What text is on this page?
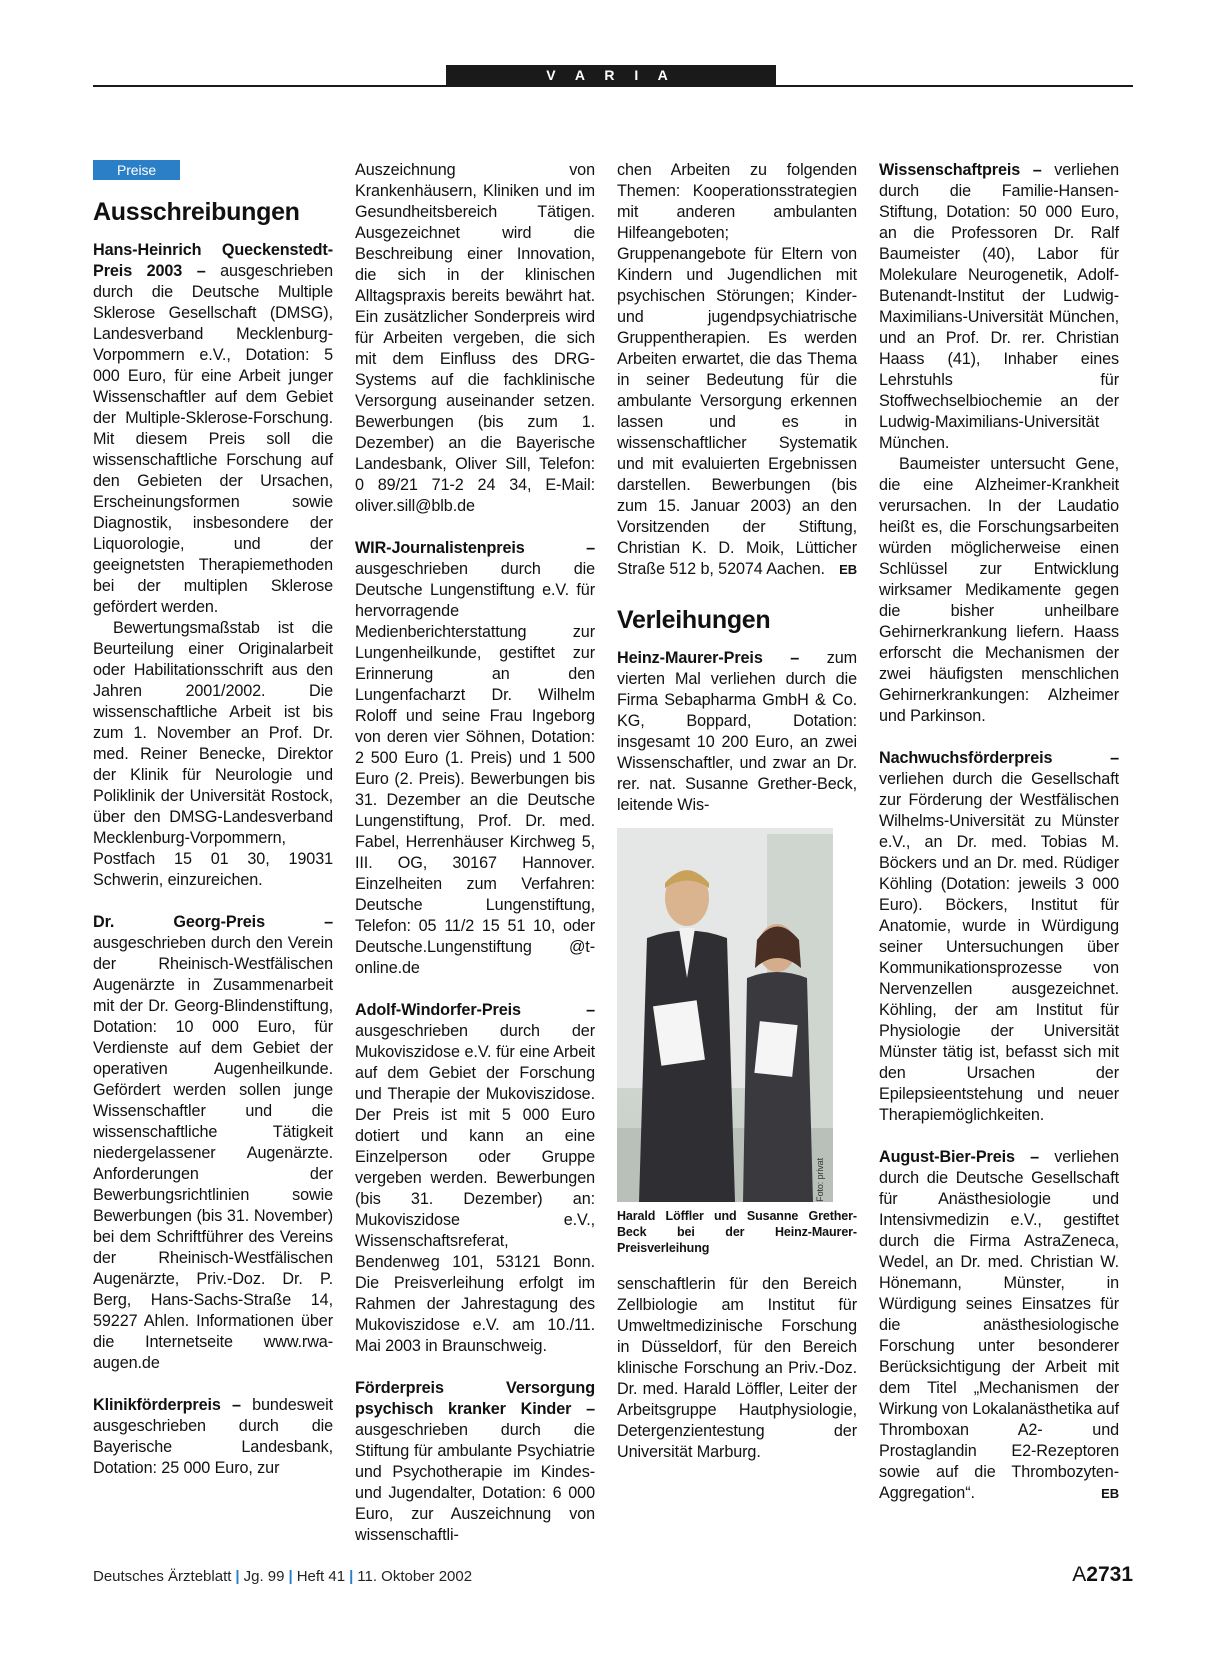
V A R I A
Preise
Ausschreibungen

Hans-Heinrich Queckenstedt-Preis 2003 – ausgeschrieben durch die Deutsche Multiple Sklerose Gesellschaft (DMSG), Landesverband Mecklenburg-Vorpommern e.V., Dotation: 5 000 Euro, für eine Arbeit junger Wissenschaftler auf dem Gebiet der Multiple-Sklerose-Forschung. Mit diesem Preis soll die wissenschaftliche Forschung auf den Gebieten der Ursachen, Erscheinungsformen sowie Diagnostik, insbesondere der Liquorologie, und der geeignetsten Therapiemethoden bei der multiplen Sklerose gefördert werden.

Bewertungsmaßstab ist die Beurteilung einer Originalarbeit oder Habilitationsschrift aus den Jahren 2001/2002. Die wissenschaftliche Arbeit ist bis zum 1. November an Prof. Dr. med. Reiner Benecke, Direktor der Klinik für Neurologie und Poliklinik der Universität Rostock, über den DMSG-Landesverband Mecklenburg-Vorpommern, Postfach 15 01 30, 19031 Schwerin, einzureichen.

Dr. Georg-Preis – ausgeschrieben durch den Verein der Rheinisch-Westfälischen Augenärzte in Zusammenarbeit mit der Dr. Georg-Blindenstiftung, Dotation: 10 000 Euro, für Verdienste auf dem Gebiet der operativen Augenheilkunde. Gefördert werden sollen junge Wissenschaftler und die wissenschaftliche Tätigkeit niedergelassener Augenärzte. Anforderungen der Bewerbungsrichtlinien sowie Bewerbungen (bis 31. November) bei dem Schriftführer des Vereins der Rheinisch-Westfälischen Augenärzte, Priv.-Doz. Dr. P. Berg, Hans-Sachs-Straße 14, 59227 Ahlen. Informationen über die Internetseite www.rwa-augen.de

Klinikförderpreis – bundesweit ausgeschrieben durch die Bayerische Landesbank, Dotation: 25 000 Euro, zur

Auszeichnung von Krankenhäusern, Kliniken und im Gesundheitsbereich Tätigen. Ausgezeichnet wird die Beschreibung einer Innovation, die sich in der klinischen Alltagspraxis bereits bewährt hat. Ein zusätzlicher Sonderpreis wird für Arbeiten vergeben, die sich mit dem Einfluss des DRG-Systems auf die fachklinische Versorgung auseinander setzen. Bewerbungen (bis zum 1. Dezember) an die Bayerische Landesbank, Oliver Sill, Telefon: 0 89/21 71-2 24 34, E-Mail: oliver.sill@blb.de

WIR-Journalistenpreis – ausgeschrieben durch die Deutsche Lungenstiftung e.V. für hervorragende Medienberichterstattung zur Lungenheilkunde, gestiftet zur Erinnerung an den Lungenfacharzt Dr. Wilhelm Roloff und seine Frau Ingeborg von deren vier Söhnen, Dotation: 2 500 Euro (1. Preis) und 1 500 Euro (2. Preis). Bewerbungen bis 31. Dezember an die Deutsche Lungenstiftung, Prof. Dr. med. Fabel, Herrenhäuser Kirchweg 5, III. OG, 30167 Hannover. Einzelheiten zum Verfahren: Deutsche Lungenstiftung, Telefon: 05 11/2 15 51 10, oder Deutsche.Lungenstiftung @t-online.de

Adolf-Windorfer-Preis – ausgeschrieben durch der Mukoviszidose e.V. für eine Arbeit auf dem Gebiet der Forschung und Therapie der Mukoviszidose. Der Preis ist mit 5 000 Euro dotiert und kann an eine Einzelperson oder Gruppe vergeben werden. Bewerbungen (bis 31. Dezember) an: Mukoviszidose e.V., Wissenschaftsreferat, Bendenweg 101, 53121 Bonn. Die Preisverleihung erfolgt im Rahmen der Jahrestagung des Mukoviszidose e.V. am 10./11. Mai 2003 in Braunschweig.

Förderpreis Versorgung psychisch kranker Kinder – ausgeschrieben durch die Stiftung für ambulante Psychiatrie und Psychotherapie im Kindes- und Jugendalter, Dotation: 6 000 Euro, zur Auszeichnung von wissenschaftli-

chen Arbeiten zu folgenden Themen: Kooperationsstrategien mit anderen ambulanten Hilfeangeboten; Gruppenangebote für Eltern von Kindern und Jugendlichen mit psychischen Störungen; Kinder- und jugendpsychiatrische Gruppentherapien. Es werden Arbeiten erwartet, die das Thema in seiner Bedeutung für die ambulante Versorgung erkennen lassen und es in wissenschaftlicher Systematik und mit evaluierten Ergebnissen darstellen. Bewerbungen (bis zum 15. Januar 2003) an den Vorsitzenden der Stiftung, Christian K. D. Moik, Lütticher Straße 512 b, 52074 Aachen. EB

Verleihungen

Heinz-Maurer-Preis – zum vierten Mal verliehen durch die Firma Sebapharma GmbH & Co. KG, Boppard, Dotation: insgesamt 10 200 Euro, an zwei Wissenschaftler, und zwar an Dr. rer. nat. Susanne Grether-Beck, leitende Wis-

Foto: privat
Harald Löffler und Susanne Grether-Beck bei der Heinz-Maurer-Preisverleihung

senschaftlerin für den Bereich Zellbiologie am Institut für Umweltmedizinische Forschung in Düsseldorf, für den Bereich klinische Forschung an Priv.-Doz. Dr. med. Harald Löffler, Leiter der Arbeitsgruppe Hautphysiologie, Detergenzientestung der Universität Marburg.

Wissenschaftpreis – verliehen durch die Familie-Hansen-Stiftung, Dotation: 50 000 Euro, an die Professoren Dr. Ralf Baumeister (40), Labor für Molekulare Neurogenetik, Adolf-Butenandt-Institut der Ludwig-Maximilians-Universität München, und an Prof. Dr. rer. Christian Haass (41), Inhaber eines Lehrstuhls für Stoffwechselbiochemie an der Ludwig-Maximilians-Universität München.

Baumeister untersucht Gene, die eine Alzheimer-Krankheit verursachen. In der Laudatio heißt es, die Forschungsarbeiten würden möglicherweise einen Schlüssel zur Entwicklung wirksamer Medikamente gegen die bisher unheilbare Gehirnerkrankung liefern. Haass erforscht die Mechanismen der zwei häufigsten menschlichen Gehirnerkrankungen: Alzheimer und Parkinson.

Nachwuchsförderpreis – verliehen durch die Gesellschaft zur Förderung der Westfälischen Wilhelms-Universität zu Münster e.V., an Dr. med. Tobias M. Böckers und an Dr. med. Rüdiger Köhling (Dotation: jeweils 3 000 Euro). Böckers, Institut für Anatomie, wurde in Würdigung seiner Untersuchungen über Kommunikationsprozesse von Nervenzellen ausgezeichnet. Köhling, der am Institut für Physiologie der Universität Münster tätig ist, befasst sich mit den Ursachen der Epilepsieentstehung und neuer Therapiemöglichkeiten.

August-Bier-Preis – verliehen durch die Deutsche Gesellschaft für Anästhesiologie und Intensivmedizin e.V., gestiftet durch die Firma AstraZeneca, Wedel, an Dr. med. Christian W. Hönemann, Münster, in Würdigung seines Einsatzes für die anästhesiologische Forschung unter besonderer Berücksichtigung der Arbeit mit dem Titel „Mechanismen der Wirkung von Lokalanästhetika auf Thromboxan A2- und Prostaglandin E2-Rezeptoren sowie auf die Thrombozyten-Aggregation“.	EB

Deutsches Ärzteblatt | Jg. 99 | Heft 41 | 11. Oktober 2002	A2731
